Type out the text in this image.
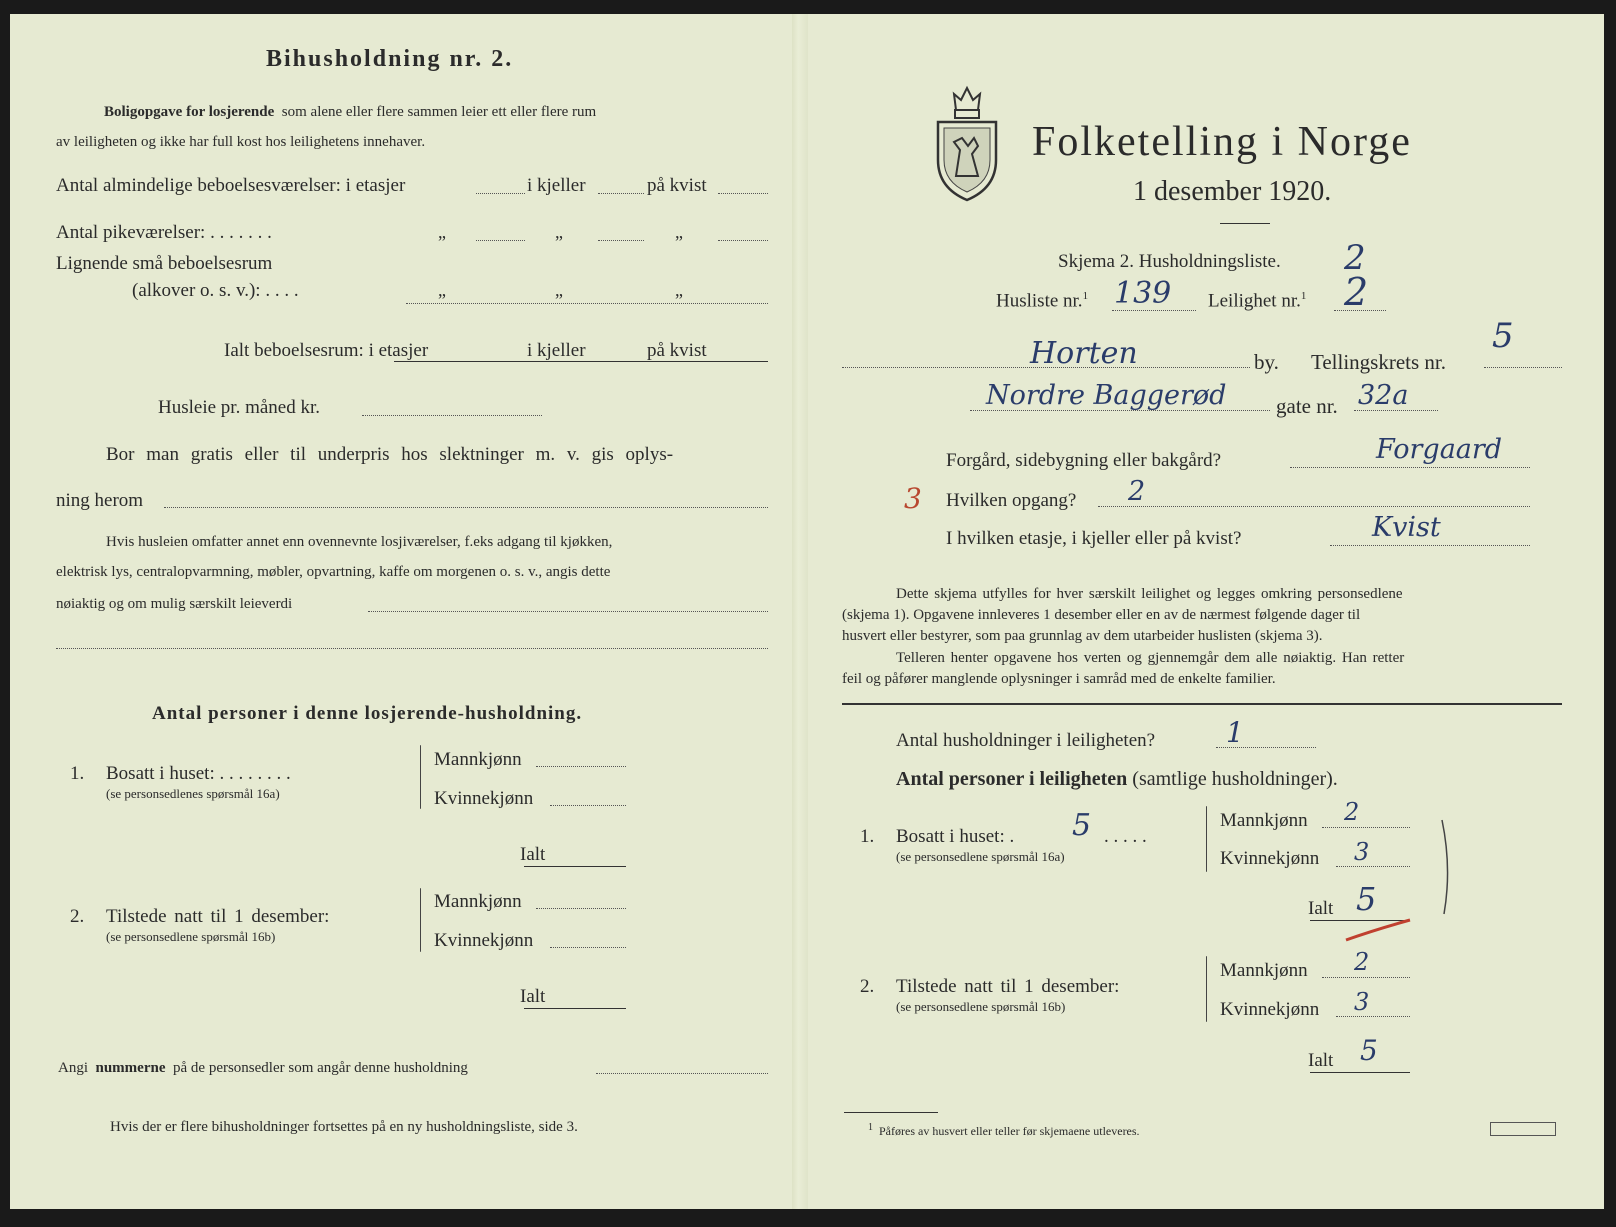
Bihusholdning nr. 2.
Boligopgave for losjerende som alene eller flere sammen leier ett eller flere rum
av leiligheten og ikke har full kost hos leilighetens innehaver.
Antal almindelige beboelsesværelser: i etasjer	i kjeller	på kvist
Antal pikeværelser: . . . . . . .	„	„	„
Lignende små beboelsesrum
(alkover o. s. v.): . . . .	„	„	„
Ialt beboelsesrum: i etasjer	i kjeller	på kvist
Husleie pr. måned kr.
Bor man gratis eller til underpris hos slektninger m. v. gis oplys-
ning herom
Hvis husleien omfatter annet enn ovennevnte losjiværelser, f.eks adgang til kjøkken,
elektrisk lys, centralopvarmning, møbler, opvartning, kaffe om morgenen o. s. v., angis dette
nøiaktig og om mulig særskilt leieverdi
Antal personer i denne losjerende-husholdning.
1. Bosatt i huset: . . . . . . . .
(se personsedlenes spørsmål 16a)
Mannkjønn
Kvinnekjønn
Ialt
2. Tilstede natt til 1 desember:
(se personsedlene spørsmål 16b)
Mannkjønn
Kvinnekjønn
Ialt
Angi nummerne på de personsedler som angår denne husholdning
Hvis der er flere bihusholdninger fortsettes på en ny husholdningsliste, side 3.
Folketelling i Norge
1 desember 1920.
Skjema 2. Husholdningsliste. 2
Husliste nr.$^1$ 139 Leilighet nr.$^1$ 2
Horten	by. Tellingskrets nr.
5
Nordre Baggerød gate nr. 32a
Forgård, sidebygning eller bakgård?	Forgaard
3 Hvilken opgang? 2
I hvilken etasje, i kjeller eller på kvist?	Kvist
Dette skjema utfylles for hver særskilt leilighet og legges omkring personsedlene
(skjema 1). Opgavene innleveres 1 desember eller en av de nærmest følgende dager til
husvert eller bestyrer, som paa grunnlag av dem utarbeider huslisten (skjema 3).
Telleren henter opgavene hos verten og gjennemgår dem alle nøiaktig. Han retter
feil og påfører manglende oplysninger i samråd med de enkelte familier.
Antal husholdninger i leiligheten?	1
Antal personer i leiligheten (samtlige husholdninger).
1. Bosatt i huset: . 5 . . . . .
(se personsedlene spørsmål 16a)
Mannkjønn 2
Kvinnekjønn 3
Ialt 5
2. Tilstede natt til 1 desember:
(se personsedlene spørsmål 16b)
Mannkjønn 2
Kvinnekjønn 3
Ialt 5
$^1$ Påføres av husvert eller teller før skjemaene utleveres.
